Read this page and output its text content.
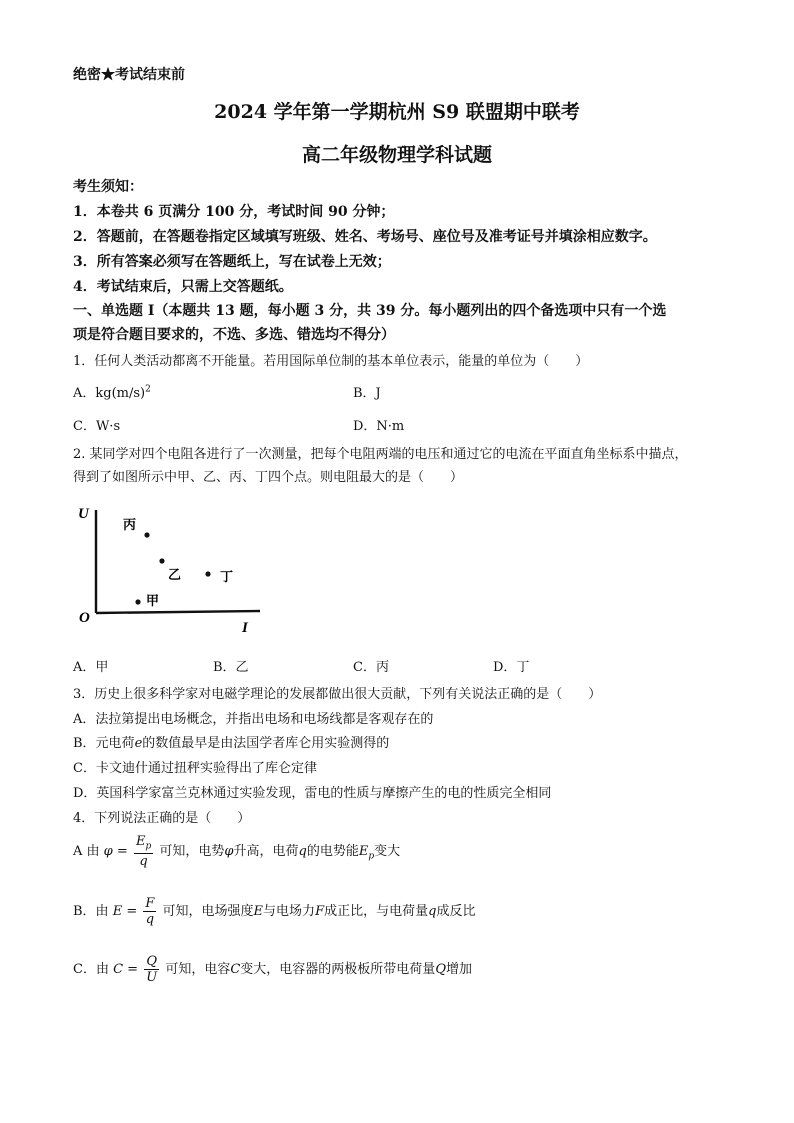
绝密★考试结束前
2024 学年第一学期杭州 S9 联盟期中联考
高二年级物理学科试题
考生须知：
1．本卷共 6 页满分 100 分，考试时间 90 分钟；
2．答题前，在答题卷指定区域填写班级、姓名、考场号、座位号及准考证号并填涂相应数字。
3．所有答案必须写在答题纸上，写在试卷上无效；
4．考试结束后，只需上交答题纸。
一、单选题 I（本题共 13 题，每小题 3 分，共 39 分。每小题列出的四个备选项中只有一个选
项是符合题目要求的，不选、多选、错选均不得分）
1．任何人类活动都离不开能量。若用国际单位制的基本单位表示，能量的单位为（　　）
A．$kg(m/s)^2$	B．J
C．W·s	D．N·m
2. 某同学对四个电阻各进行了一次测量，把每个电阻两端的电压和通过它的电流在平面直角坐标系中描点，
得到了如图所示中甲、乙、丙、丁四个点。则电阻最大的是（　　）
U
O
I
丙
乙	丁
甲
A．甲	B．乙	C．丙	D．丁
3．历史上很多科学家对电磁学理论的发展都做出很大贡献，下列有关说法正确的是（　　）
A．法拉第提出电场概念，并指出电场和电场线都是客观存在的
B．元电荷e的数值最早是由法国学者库仑用实验测得的
C．卡文迪什通过扭秤实验得出了库仑定律
D．英国科学家富兰克林通过实验发现，雷电的性质与摩擦产生的电的性质完全相同
4．下列说法正确的是（　　）
A 由 $\varphi = \frac{E_p}{q}$ 可知，电势φ升高，电荷q的电势能$E_p$变大
B．由 $E = \frac{F}{q}$ 可知，电场强度E与电场力F成正比，与电荷量q成反比
C．由 $C = \frac{Q}{U}$ 可知，电容C变大，电容器的两极板所带电荷量Q增加
